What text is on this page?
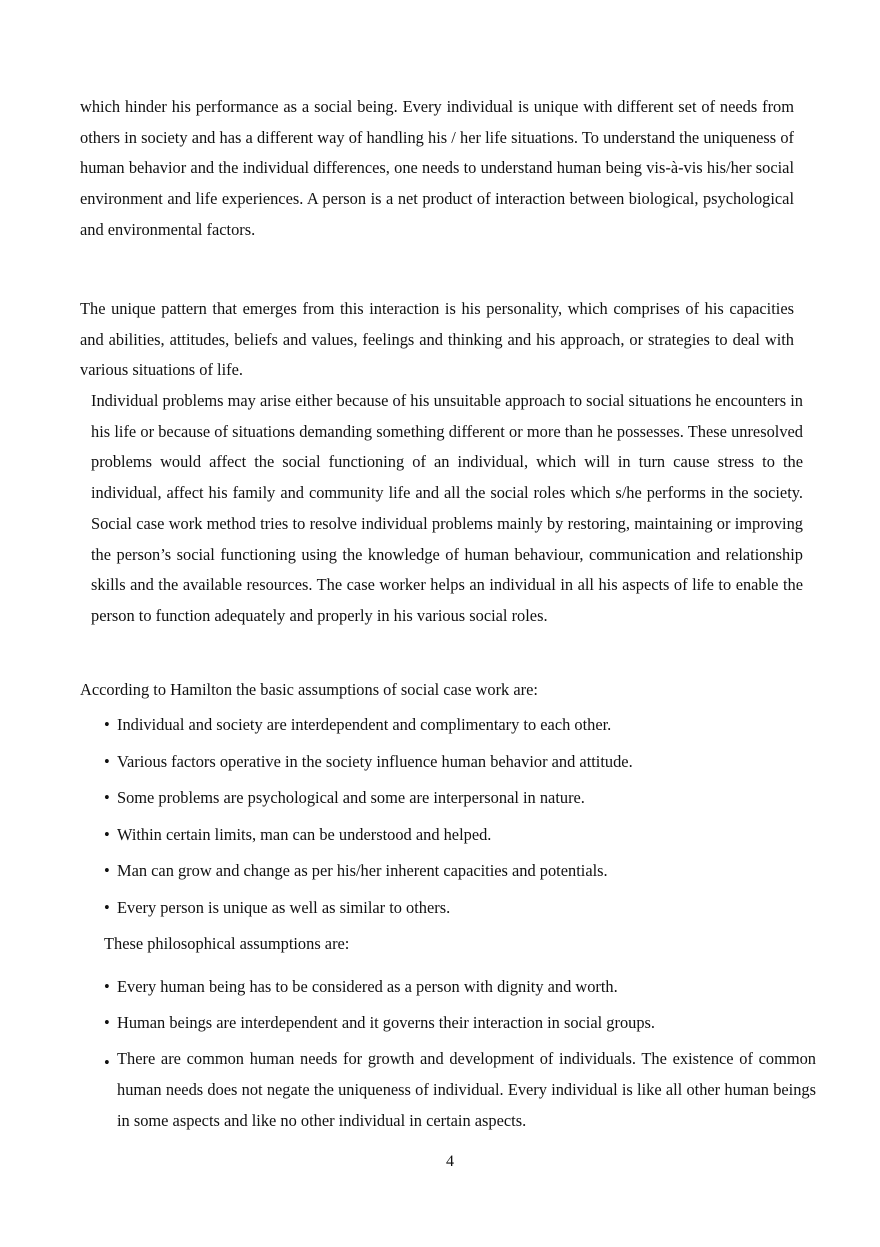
which hinder his performance as a social being. Every individual is unique with different set of needs from others in society and has a different way of handling his / her life situations. To understand the uniqueness of human behavior and the individual differences, one needs to understand human being vis-à-vis his/her social environment and life experiences. A person is a net product of interaction between biological, psychological and environmental factors.

The unique pattern that emerges from this interaction is his personality, which comprises of his capacities and abilities, attitudes, beliefs and values, feelings and thinking and his approach, or strategies to deal with various situations of life.

Individual problems may arise either because of his unsuitable approach to social situations he encounters in his life or because of situations demanding something different or more than he possesses. These unresolved problems would affect the social functioning of an individual, which will in turn cause stress to the individual, affect his family and community life and all the social roles which s/he performs in the society. Social case work method tries to resolve individual problems mainly by restoring, maintaining or improving the person’s social functioning using the knowledge of human behaviour, communication and relationship skills and the available resources. The case worker helps an individual in all his aspects of life to enable the person to function adequately and properly in his various social roles.

According to Hamilton the basic assumptions of social case work are:

• Individual and society are interdependent and complimentary to each other.
• Various factors operative in the society influence human behavior and attitude.
• Some problems are psychological and some are interpersonal in nature.
• Within certain limits, man can be understood and helped.
• Man can grow and change as per his/her inherent capacities and potentials.
• Every person is unique as well as similar to others.

These philosophical assumptions are:

• Every human being has to be considered as a person with dignity and worth.
• Human beings are interdependent and it governs their interaction in social groups.
• There are common human needs for growth and development of individuals. The existence of common human needs does not negate the uniqueness of individual. Every individual is like all other human beings in some aspects and like no other individual in certain aspects.
4
